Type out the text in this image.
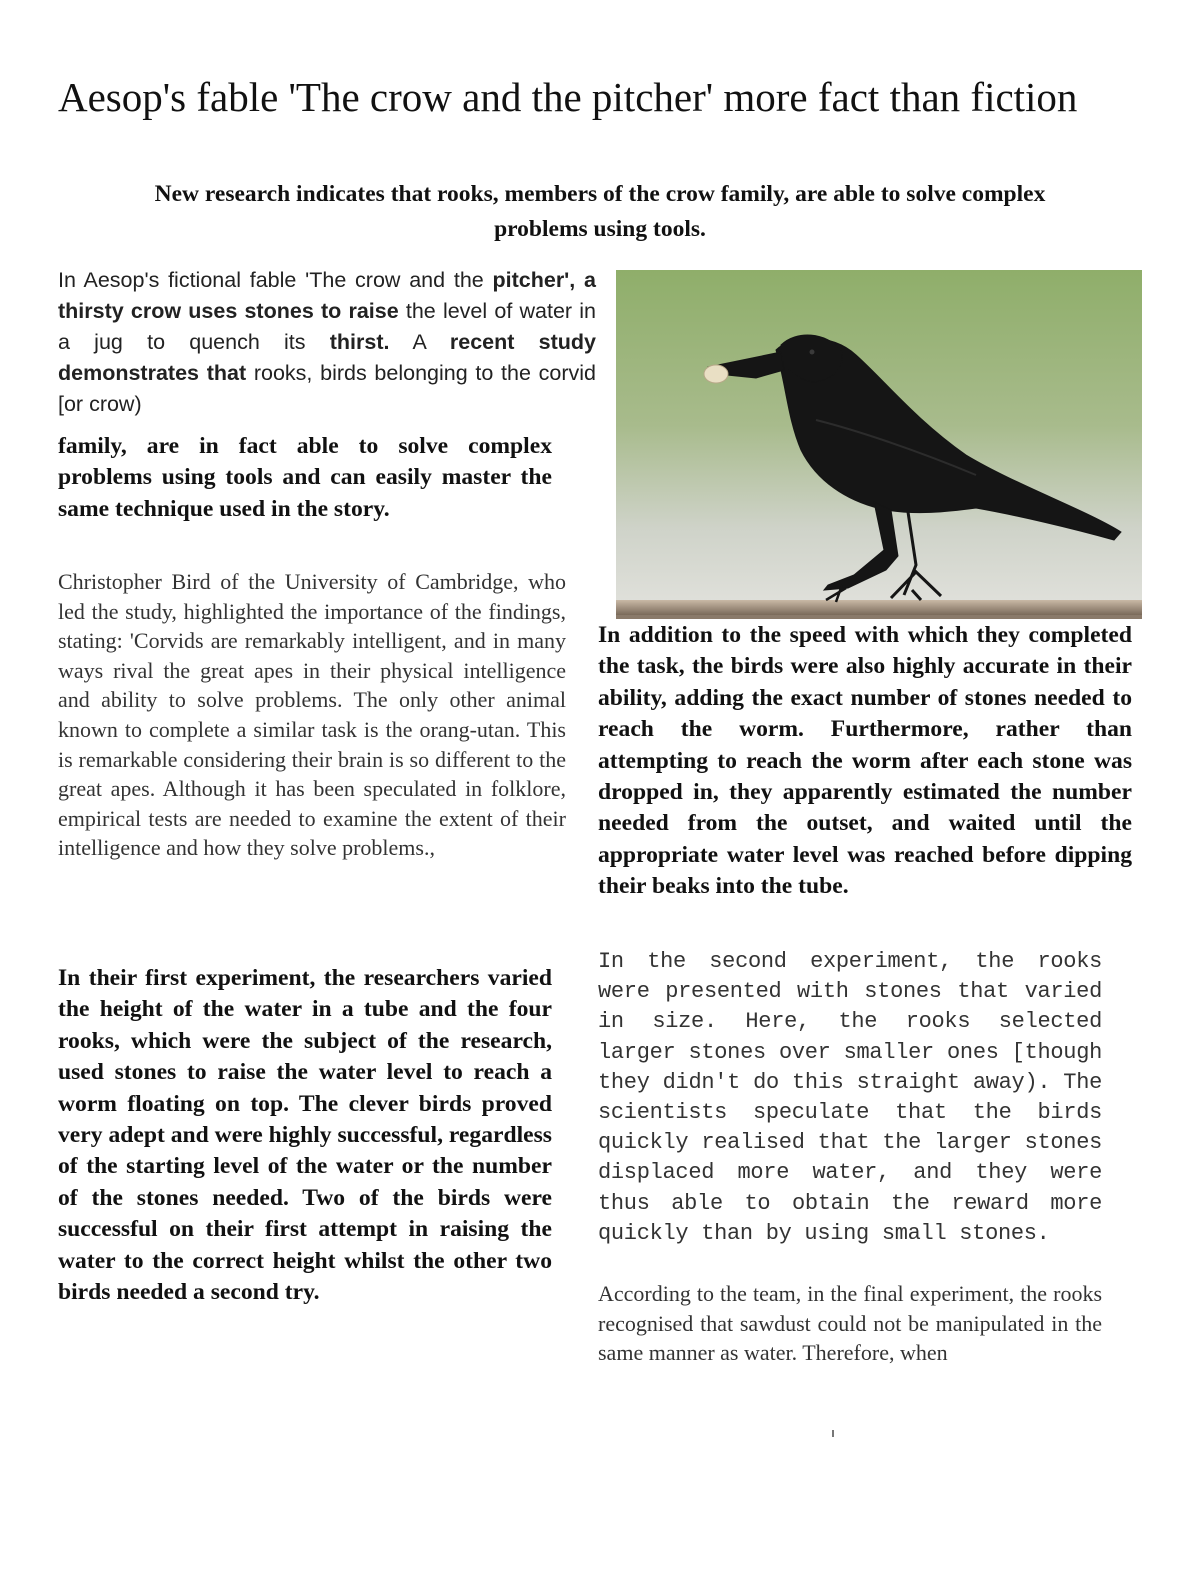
Aesop's fable 'The crow and the pitcher' more fact than fiction

New research indicates that rooks, members of the crow family, are able to solve complex problems using tools.

In Aesop's fictional fable 'The crow and the pitcher', a thirsty crow uses stones to raise the level of water in a jug to quench its thirst. A recent study demonstrates that rooks, birds belonging to the corvid [or crow)

family, are in fact able to solve complex problems using tools and can easily master the same technique used in the story.

Christopher Bird of the University of Cambridge, who led the study, highlighted the importance of the findings, stating: 'Corvids are remarkably intelligent, and in many ways rival the great apes in their physical intelligence and ability to solve problems. The only other animal known to complete a similar task is the orang-utan. This is remarkable considering their brain is so different to the great apes. Although it has been speculated in folklore, empirical tests are needed to examine the extent of their intelligence and how they solve problems.,

In their first experiment, the researchers varied the height of the water in a tube and the four rooks, which were the subject of the research, used stones to raise the water level to reach a worm floating on top. The clever birds proved very adept and were highly successful, regardless of the starting level of the water or the number of the stones needed. Two of the birds were successful on their first attempt in raising the water to the correct height whilst the other two birds needed a second try.

In addition to the speed with which they completed the task, the birds were also highly accurate in their ability, adding the exact number of stones needed to reach the worm. Furthermore, rather than attempting to reach the worm after each stone was dropped in, they apparently estimated the number needed from the outset, and waited until the appropriate water level was reached before dipping their beaks into the tube.

In the second experiment, the rooks were presented with stones that varied in size. Here, the rooks selected larger stones over smaller ones [though they didn't do this straight away). The scientists speculate that the birds quickly realised that the larger stones displaced more water, and they were thus able to obtain the reward more quickly than by using small stones.

According to the team, in the final experiment, the rooks recognised that sawdust could not be manipulated in the same manner as water. Therefore, when
